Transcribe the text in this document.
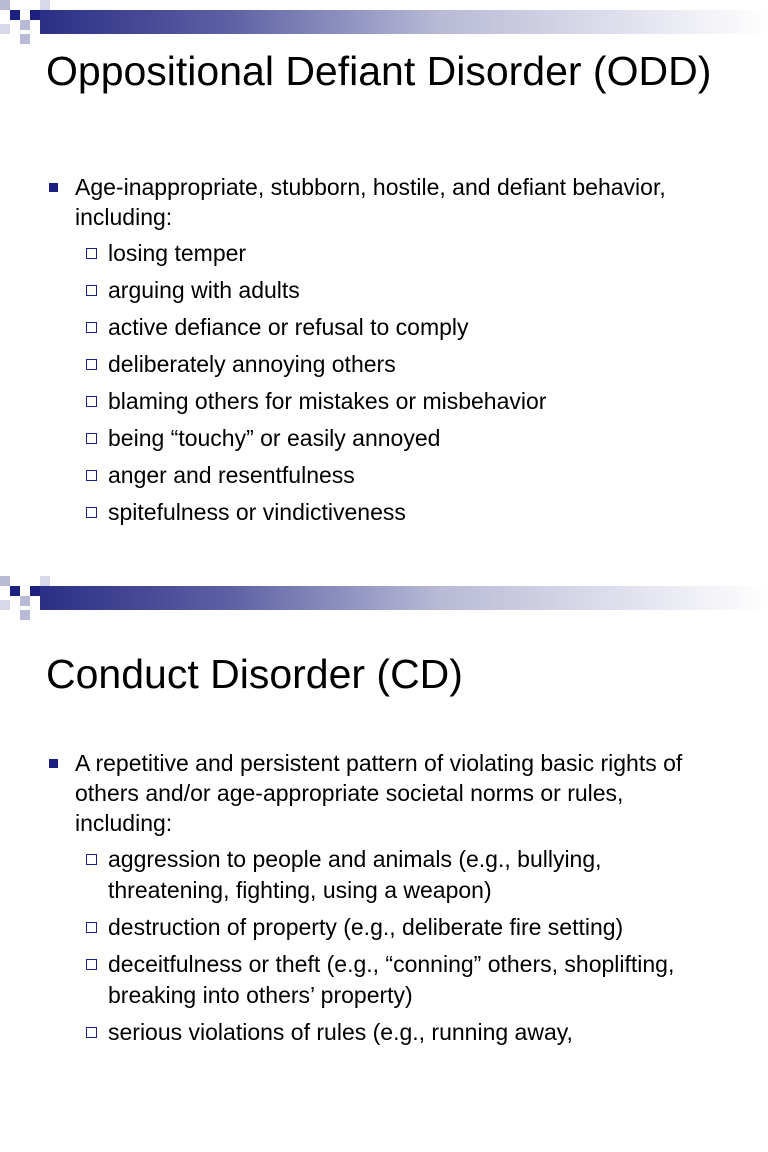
Oppositional Defiant Disorder (ODD)

Age-inappropriate, stubborn, hostile, and defiant behavior, including:

losing temper

arguing with adults

active defiance or refusal to comply

deliberately annoying others

blaming others for mistakes or misbehavior

being “touchy” or easily annoyed

anger and resentfulness

spitefulness or vindictiveness

Conduct Disorder (CD)

A repetitive and persistent pattern of violating basic rights of others and/or age-appropriate societal norms or rules, including:

aggression to people and animals (e.g., bullying, threatening, fighting, using a weapon)

destruction of property (e.g., deliberate fire setting)

deceitfulness or theft (e.g., “conning” others, shoplifting, breaking into others’ property)

serious violations of rules (e.g., running away,
